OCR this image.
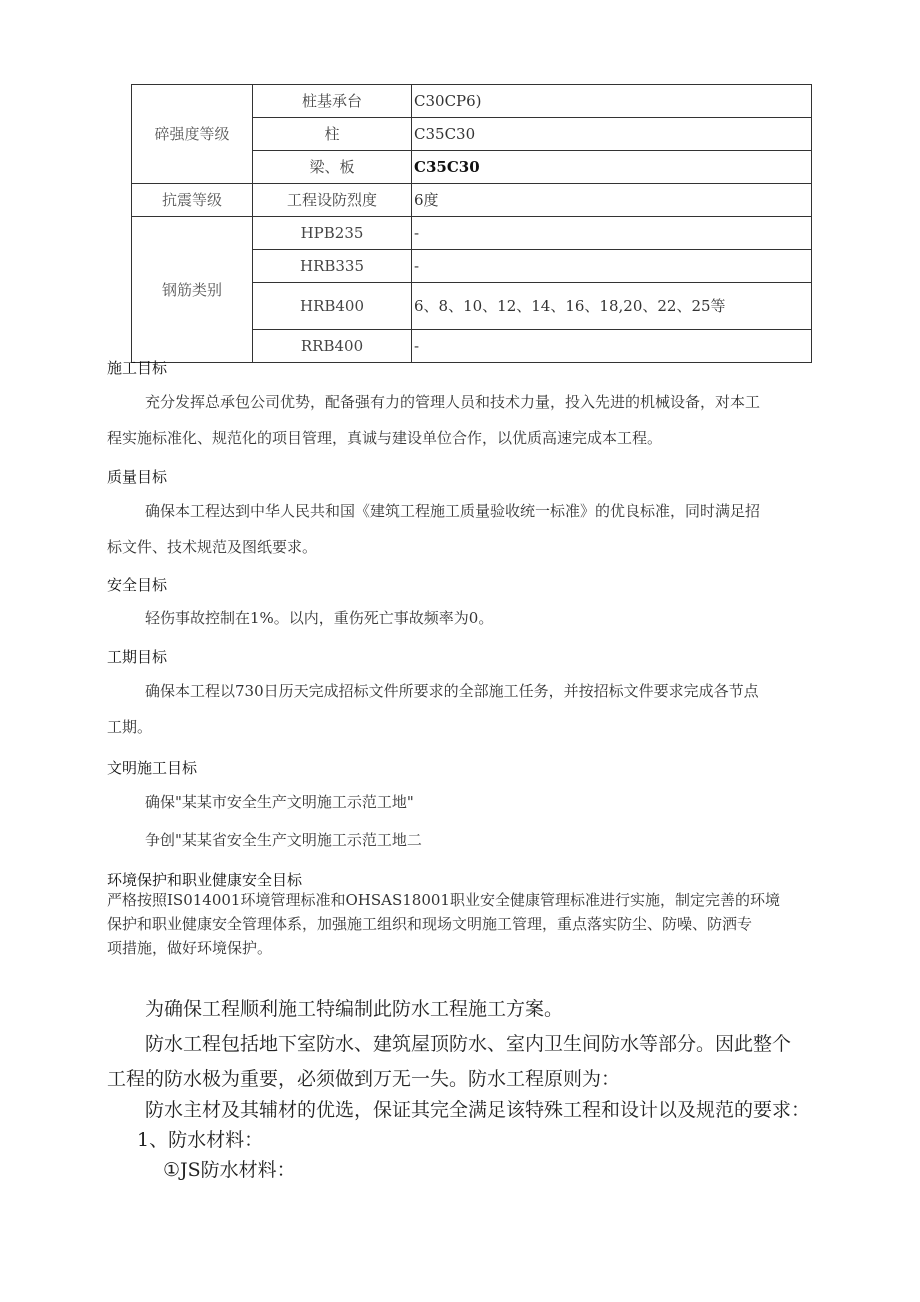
碎强度等级	桩基承台	C30CP6)
	柱	C35C30
	梁、板	C35C30
抗震等级	工程设防烈度	6度
钢筋类别	HPB235	-
	HRB335	-
	HRB400	6、8、10、12、14、16、18,20、22、25等
	RRB400	-
施工目标
充分发挥总承包公司优势，配备强有力的管理人员和技术力量，投入先进的机械设备，对本工
程实施标准化、规范化的项目管理，真诚与建设单位合作，以优质高速完成本工程。
质量目标
确保本工程达到中华人民共和国《建筑工程施工质量验收统一标准》的优良标准，同时满足招
标文件、技术规范及图纸要求。
安全目标
轻伤事故控制在1%。以内，重伤死亡事故频率为0。
工期目标
确保本工程以730日历天完成招标文件所要求的全部施工任务，并按招标文件要求完成各节点
工期。
文明施工目标
确保"某某市安全生产文明施工示范工地"
争创"某某省安全生产文明施工示范工地二
环境保护和职业健康安全目标
严格按照IS014001环境管理标准和OHSAS18001职业安全健康管理标准进行实施，制定完善的环境
保护和职业健康安全管理体系，加强施工组织和现场文明施工管理，重点落实防尘、防噪、防洒专
项措施，做好环境保护。
为确保工程顺利施工特编制此防水工程施工方案。
防水工程包括地下室防水、建筑屋顶防水、室内卫生间防水等部分。因此整个
工程的防水极为重要，必须做到万无一失。防水工程原则为：
防水主材及其辅材的优选，保证其完全满足该特殊工程和设计以及规范的要求：
1、防水材料：
①JS防水材料：
